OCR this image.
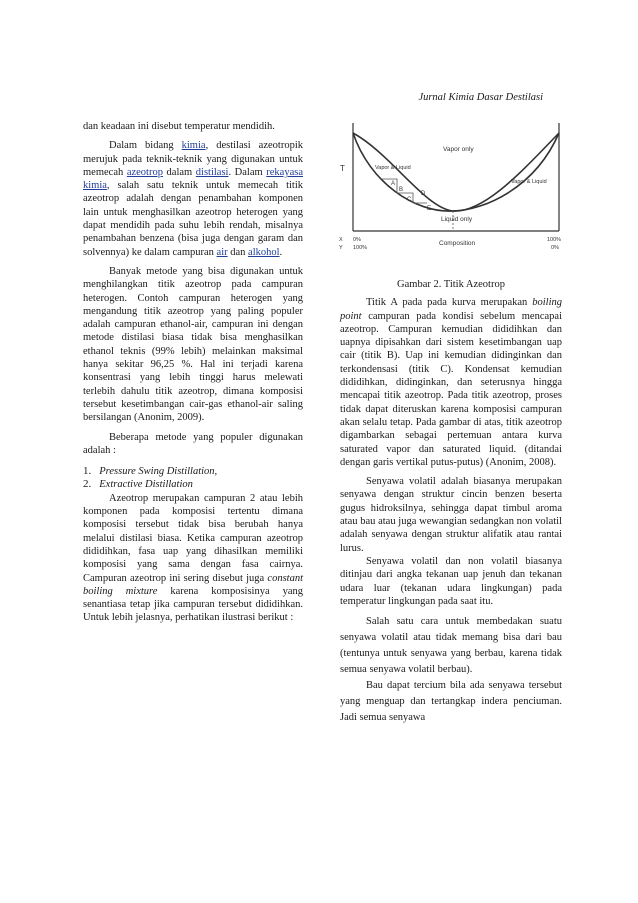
Jurnal Kimia Dasar Destilasi

dan keadaan ini disebut temperatur mendidih.

Dalam bidang kimia, destilasi azeotropik merujuk pada teknik-teknik yang digunakan untuk memecah azeotrop dalam distilasi. Dalam rekayasa kimia, salah satu teknik untuk memecah titik azeotrop adalah dengan penambahan komponen lain untuk menghasilkan azeotrop heterogen yang dapat mendidih pada suhu lebih rendah, misalnya penambahan benzena (bisa juga dengan garam dan solvennya) ke dalam campuran air dan alkohol.

Banyak metode yang bisa digunakan untuk menghilangkan titik azeotrop pada campuran heterogen. Contoh campuran heterogen yang mengandung titik azeotrop yang paling populer adalah campuran ethanol-air, campuran ini dengan metode distilasi biasa tidak bisa menghasilkan ethanol teknis (99% lebih) melainkan maksimal hanya sekitar 96,25 %. Hal ini terjadi karena konsentrasi yang lebih tinggi harus melewati terlebih dahulu titik azeotrop, dimana komposisi tersebut kesetimbangan cair-gas ethanol-air saling bersilangan (Anonim, 2009).

Beberapa metode yang populer digunakan adalah :

1. Pressure Swing Distillation,
2. Extractive Distillation

Azeotrop merupakan campuran 2 atau lebih komponen pada komposisi tertentu dimana komposisi tersebut tidak bisa berubah hanya melalui distilasi biasa. Ketika campuran azeotrop dididihkan, fasa uap yang dihasilkan memiliki komposisi yang sama dengan fasa cairnya. Campuran azeotrop ini sering disebut juga constant boiling mixture karena komposisinya yang senantiasa tetap jika campuran tersebut dididihkan. Untuk lebih jelasnya, perhatikan ilustrasi berikut :

T
Vapor only
Liquid only
Vapor & Liquid
Vapor & Liquid
A
B
C
D
E
X 0%	100%
Y 100%	0%
Composition

Gambar 2. Titik Azeotrop

Titik A pada pada kurva merupakan boiling point campuran pada kondisi sebelum mencapai azeotrop. Campuran kemudian dididihkan dan uapnya dipisahkan dari sistem kesetimbangan uap cair (titik B). Uap ini kemudian didinginkan dan terkondensasi (titik C). Kondensat kemudian dididihkan, didinginkan, dan seterusnya hingga mencapai titik azeotrop. Pada titik azeotrop, proses tidak dapat diteruskan karena komposisi campuran akan selalu tetap. Pada gambar di atas, titik azeotrop digambarkan sebagai pertemuan antara kurva saturated vapor dan saturated liquid. (ditandai dengan garis vertikal putus-putus) (Anonim, 2008).

Senyawa volatil adalah biasanya merupakan senyawa dengan struktur cincin benzen beserta gugus hidroksilnya, sehingga dapat timbul aroma atau bau atau juga wewangian sedangkan non volatil adalah senyawa dengan struktur alifatik atau rantai lurus.

Senyawa volatil dan non volatil biasanya ditinjau dari angka tekanan uap jenuh dan tekanan udara luar (tekanan udara lingkungan) pada temperatur lingkungan pada saat itu.

Salah satu cara untuk membedakan suatu senyawa volatil atau tidak memang bisa dari bau (tentunya untuk senyawa yang berbau, karena tidak semua senyawa volatil berbau).

Bau dapat tercium bila ada senyawa tersebut yang menguap dan tertangkap indera penciuman. Jadi semua senyawa
